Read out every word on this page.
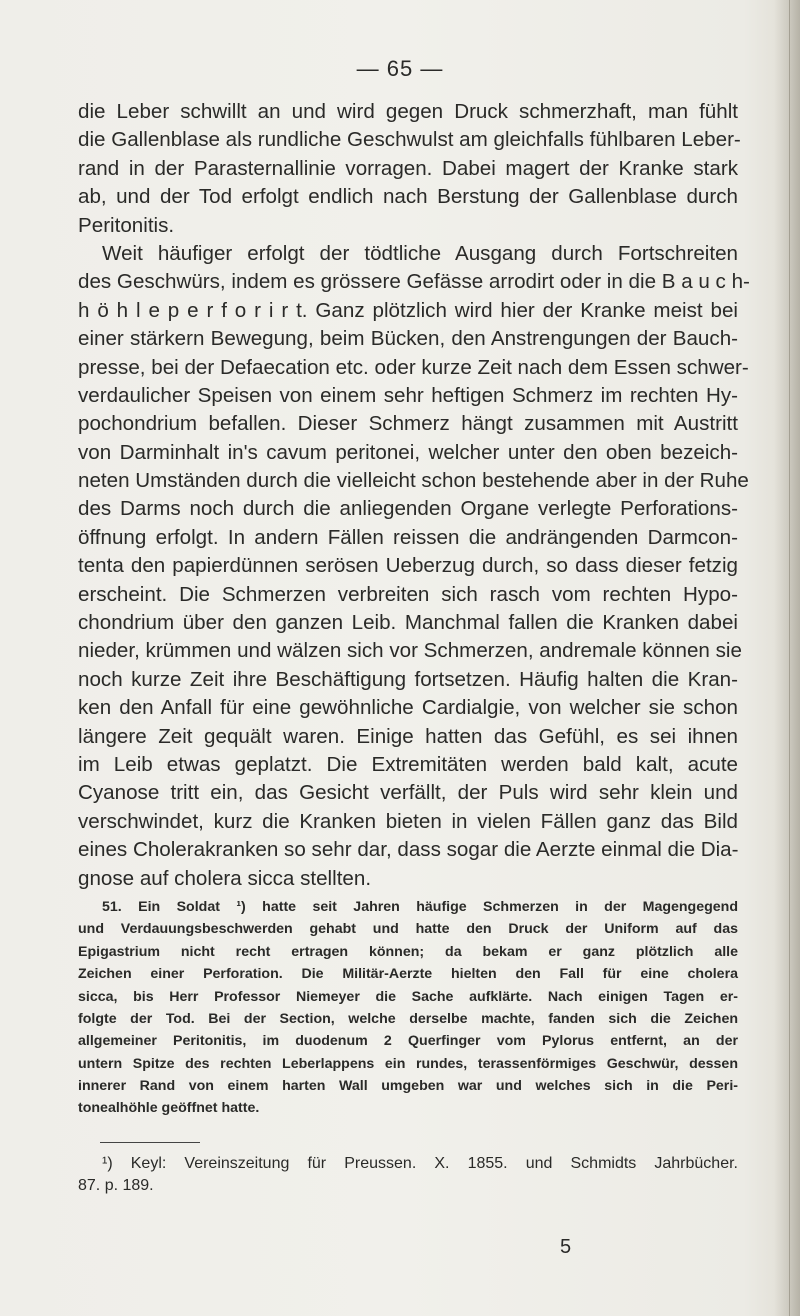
— 65 —
die Leber schwillt an und wird gegen Druck schmerzhaft, man fühlt
die Gallenblase als rundliche Geschwulst am gleichfalls fühlbaren Leber-
rand in der Parasternallinie vorragen. Dabei magert der Kranke stark
ab, und der Tod erfolgt endlich nach Berstung der Gallenblase durch
Peritonitis.
Weit häufiger erfolgt der tödtliche Ausgang durch Fortschreiten
des Geschwürs, indem es grössere Gefässe arrodirt oder in die B a u c h-
h ö h l e p e r f o r i r t. Ganz plötzlich wird hier der Kranke meist bei
einer stärkern Bewegung, beim Bücken, den Anstrengungen der Bauch-
presse, bei der Defaecation etc. oder kurze Zeit nach dem Essen schwer-
verdaulicher Speisen von einem sehr heftigen Schmerz im rechten Hy-
pochondrium befallen. Dieser Schmerz hängt zusammen mit Austritt
von Darminhalt in's cavum peritonei, welcher unter den oben bezeich-
neten Umständen durch die vielleicht schon bestehende aber in der Ruhe
des Darms noch durch die anliegenden Organe verlegte Perforations-
öffnung erfolgt. In andern Fällen reissen die andrängenden Darmcon-
tenta den papierdünnen serösen Ueberzug durch, so dass dieser fetzig
erscheint. Die Schmerzen verbreiten sich rasch vom rechten Hypo-
chondrium über den ganzen Leib. Manchmal fallen die Kranken dabei
nieder, krümmen und wälzen sich vor Schmerzen, andremale können sie
noch kurze Zeit ihre Beschäftigung fortsetzen. Häufig halten die Kran-
ken den Anfall für eine gewöhnliche Cardialgie, von welcher sie schon
längere Zeit gequält waren. Einige hatten das Gefühl, es sei ihnen
im Leib etwas geplatzt. Die Extremitäten werden bald kalt, acute
Cyanose tritt ein, das Gesicht verfällt, der Puls wird sehr klein und
verschwindet, kurz die Kranken bieten in vielen Fällen ganz das Bild
eines Cholerakranken so sehr dar, dass sogar die Aerzte einmal die Dia-
gnose auf cholera sicca stellten.
51. Ein Soldat ¹) hatte seit Jahren häufige Schmerzen in der Magengegend
und Verdauungsbeschwerden gehabt und hatte den Druck der Uniform auf das
Epigastrium nicht recht ertragen können; da bekam er ganz plötzlich alle
Zeichen einer Perforation. Die Militär-Aerzte hielten den Fall für eine cholera
sicca, bis Herr Professor Niemeyer die Sache aufklärte. Nach einigen Tagen er-
folgte der Tod. Bei der Section, welche derselbe machte, fanden sich die Zeichen
allgemeiner Peritonitis, im duodenum 2 Querfinger vom Pylorus entfernt, an der
untern Spitze des rechten Leberlappens ein rundes, terassenförmiges Geschwür, dessen
innerer Rand von einem harten Wall umgeben war und welches sich in die Peri-
tonealhöhle geöffnet hatte.
¹) Keyl: Vereinszeitung für Preussen. X. 1855. und Schmidts Jahrbücher.
87. p. 189.
5
